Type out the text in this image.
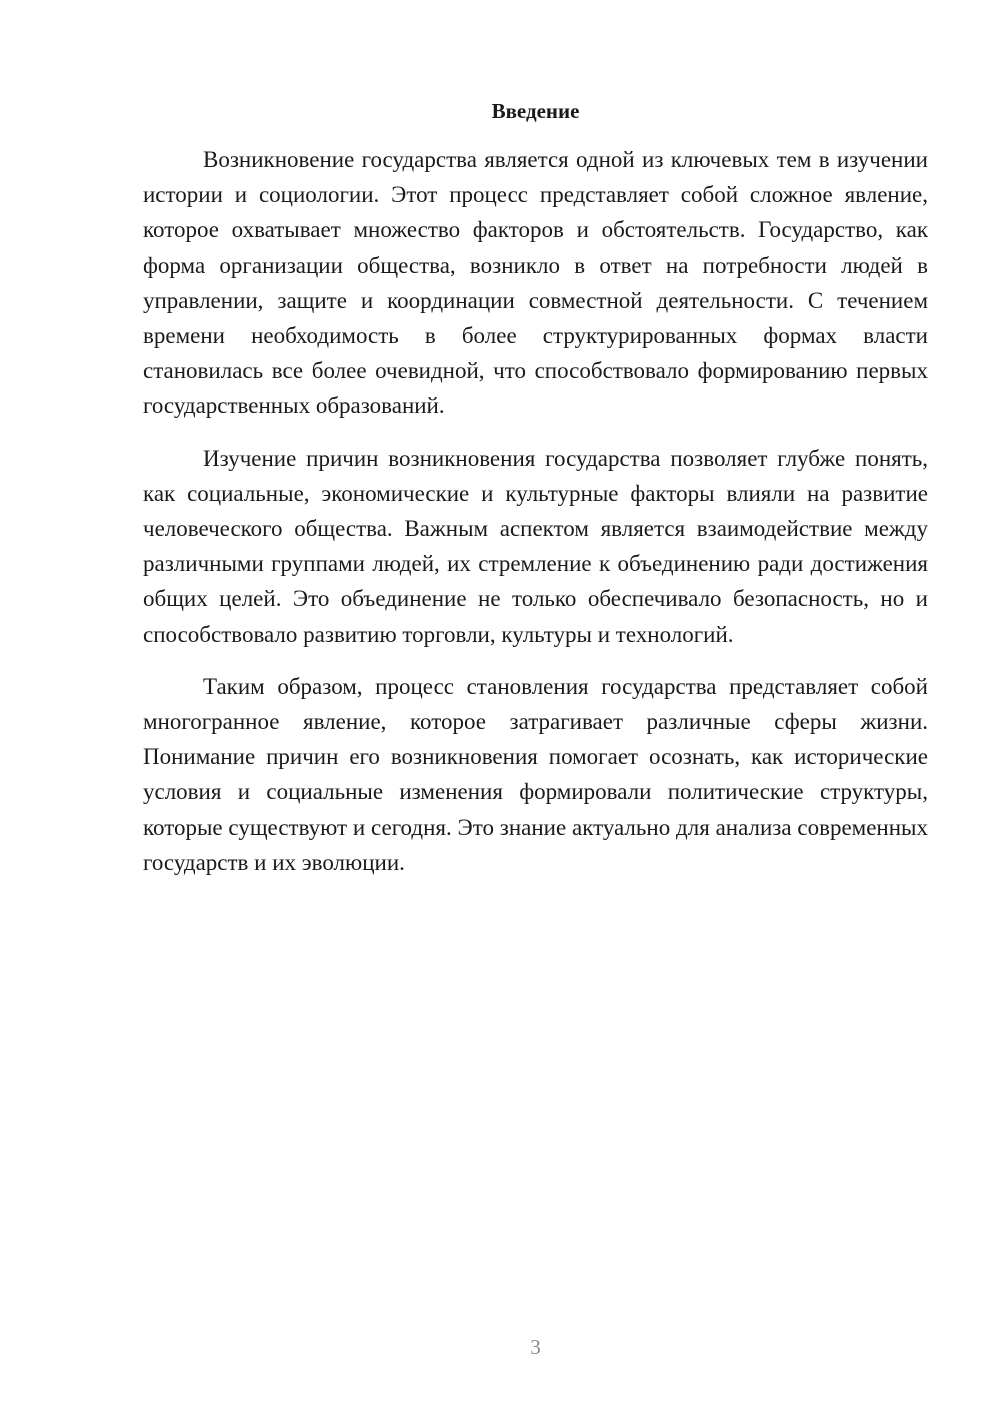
Введение

Возникновение государства является одной из ключевых тем в изучении истории и социологии. Этот процесс представляет собой сложное явление, которое охватывает множество факторов и обстоятельств. Государство, как форма организации общества, возникло в ответ на потребности людей в управлении, защите и координации совместной деятельности. С течением времени необходимость в более структурированных формах власти становилась все более очевидной, что способствовало формированию первых государственных образований.

Изучение причин возникновения государства позволяет глубже понять, как социальные, экономические и культурные факторы влияли на развитие человеческого общества. Важным аспектом является взаимодействие между различными группами людей, их стремление к объединению ради достижения общих целей. Это объединение не только обеспечивало безопасность, но и способствовало развитию торговли, культуры и технологий.

Таким образом, процесс становления государства представляет собой многогранное явление, которое затрагивает различные сферы жизни. Понимание причин его возникновения помогает осознать, как исторические условия и социальные изменения формировали политические структуры, которые существуют и сегодня. Это знание актуально для анализа современных государств и их эволюции.

3
